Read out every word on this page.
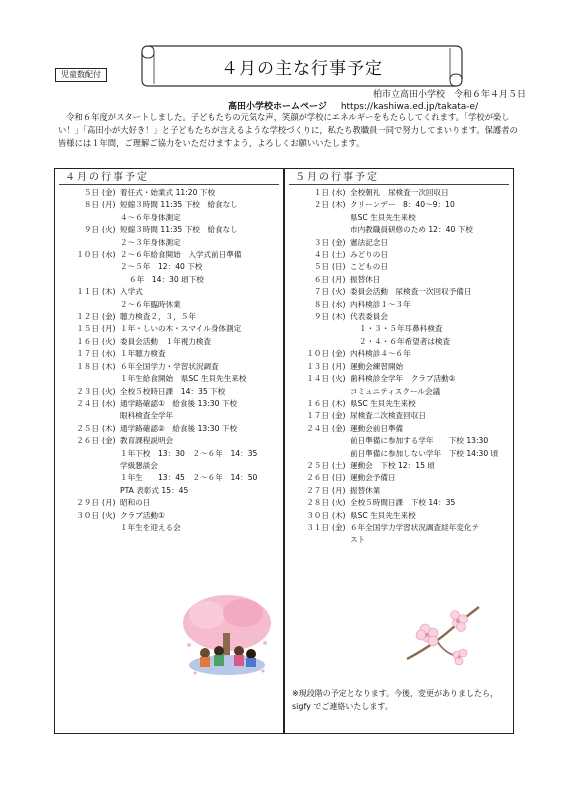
児童数配付	４月の主な行事予定
柏市立高田小学校　令和６年４月５日
高田小学校ホームページ https://kashiwa.ed.jp/takata-e/
令和６年度がスタートしました。子どもたちの元気な声，笑顔が学校にエネルギーをもたらしてくれます。「学校が楽しい！」「高田小が大好き！」と子どもたちが言えるような学校づくりに，私たち教職員一同で努力してまいります。保護者の皆様には１年間，ご理解ご協力をいただけますよう，よろしくお願いいたします。
４月の行事予定
５日 (金) 着任式・始業式 11:20 下校
８日 (月) 短縮３時間 11:35 下校　給食なし
４～６年身体測定
９日 (火) 短縮３時間 11:35 下校　給食なし
２～３年身体測定
１０日 (水) ２～６年給食開始　入学式前日準備
２～５年　12：40 下校
６年　14：30 頃下校
１１日 (木) 入学式
２～６年臨時休業
１２日 (金) 聴力検査２，３，５年
１５日 (月) １年・しいの木・スマイル身体測定
１６日 (火) 委員会活動　１年視力検査
１７日 (水) １年聴力検査
１８日 (木) ６年全国学力・学習状況調査
１年生給食開始　県SC 生貝先生来校
２３日 (火) 全校５校時日課　14：35 下校
２４日 (水) 通学路確認①　給食後 13:30 下校
眼科検査全学年
２５日 (木) 通学路確認②　給食後 13:30 下校
２６日 (金) 教育課程説明会
１年下校　13：30　２～６年　14：35
学級懇談会
１年生　　13：45　２～６年　14：50
PTA 表彰式 15：45
２９日 (月) 昭和の日
３０日 (火) クラブ活動①
１年生を迎える会
５月の行事予定
１日 (水) 全校朝礼　尿検査一次回収日
２日 (木) クリーンデー　8：40～9：10
県SC 生貝先生来校
市内教職員研修のため 12：40 下校
３日 (金) 憲法記念日
４日 (土) みどりの日
５日 (日) こどもの日
６日 (月) 振替休日
７日 (火) 委員会活動　尿検査一次回収予備日
８日 (水) 内科検診１～３年
９日 (木) 代表委員会
１・３・５年耳鼻科検査
２・４・６年希望者は検査
１０日 (金) 内科検診４～６年
１３日 (月) 運動会練習開始
１４日 (火) 歯科検診全学年　クラブ活動②
コミュニティスクール会議
１６日 (木) 県SC 生貝先生来校
１７日 (金) 尿検査二次検査回収日
２４日 (金) 運動会前日準備
前日準備に参加する学年　　下校 13:30
前日準備に参加しない学年　下校 14:30 頃
２５日 (土) 運動会　下校 12：15 頃
２６日 (日) 運動会予備日
２７日 (月) 振替休業
２８日 (火) 全校５時間日課　下校 14：35
３０日 (木) 県SC 生貝先生来校
３１日 (金) ６年全国学力学習状況調査経年変化テ
スト
※現段階の予定となります。今後，変更がありましたら，sigfy でご連絡いたします。
